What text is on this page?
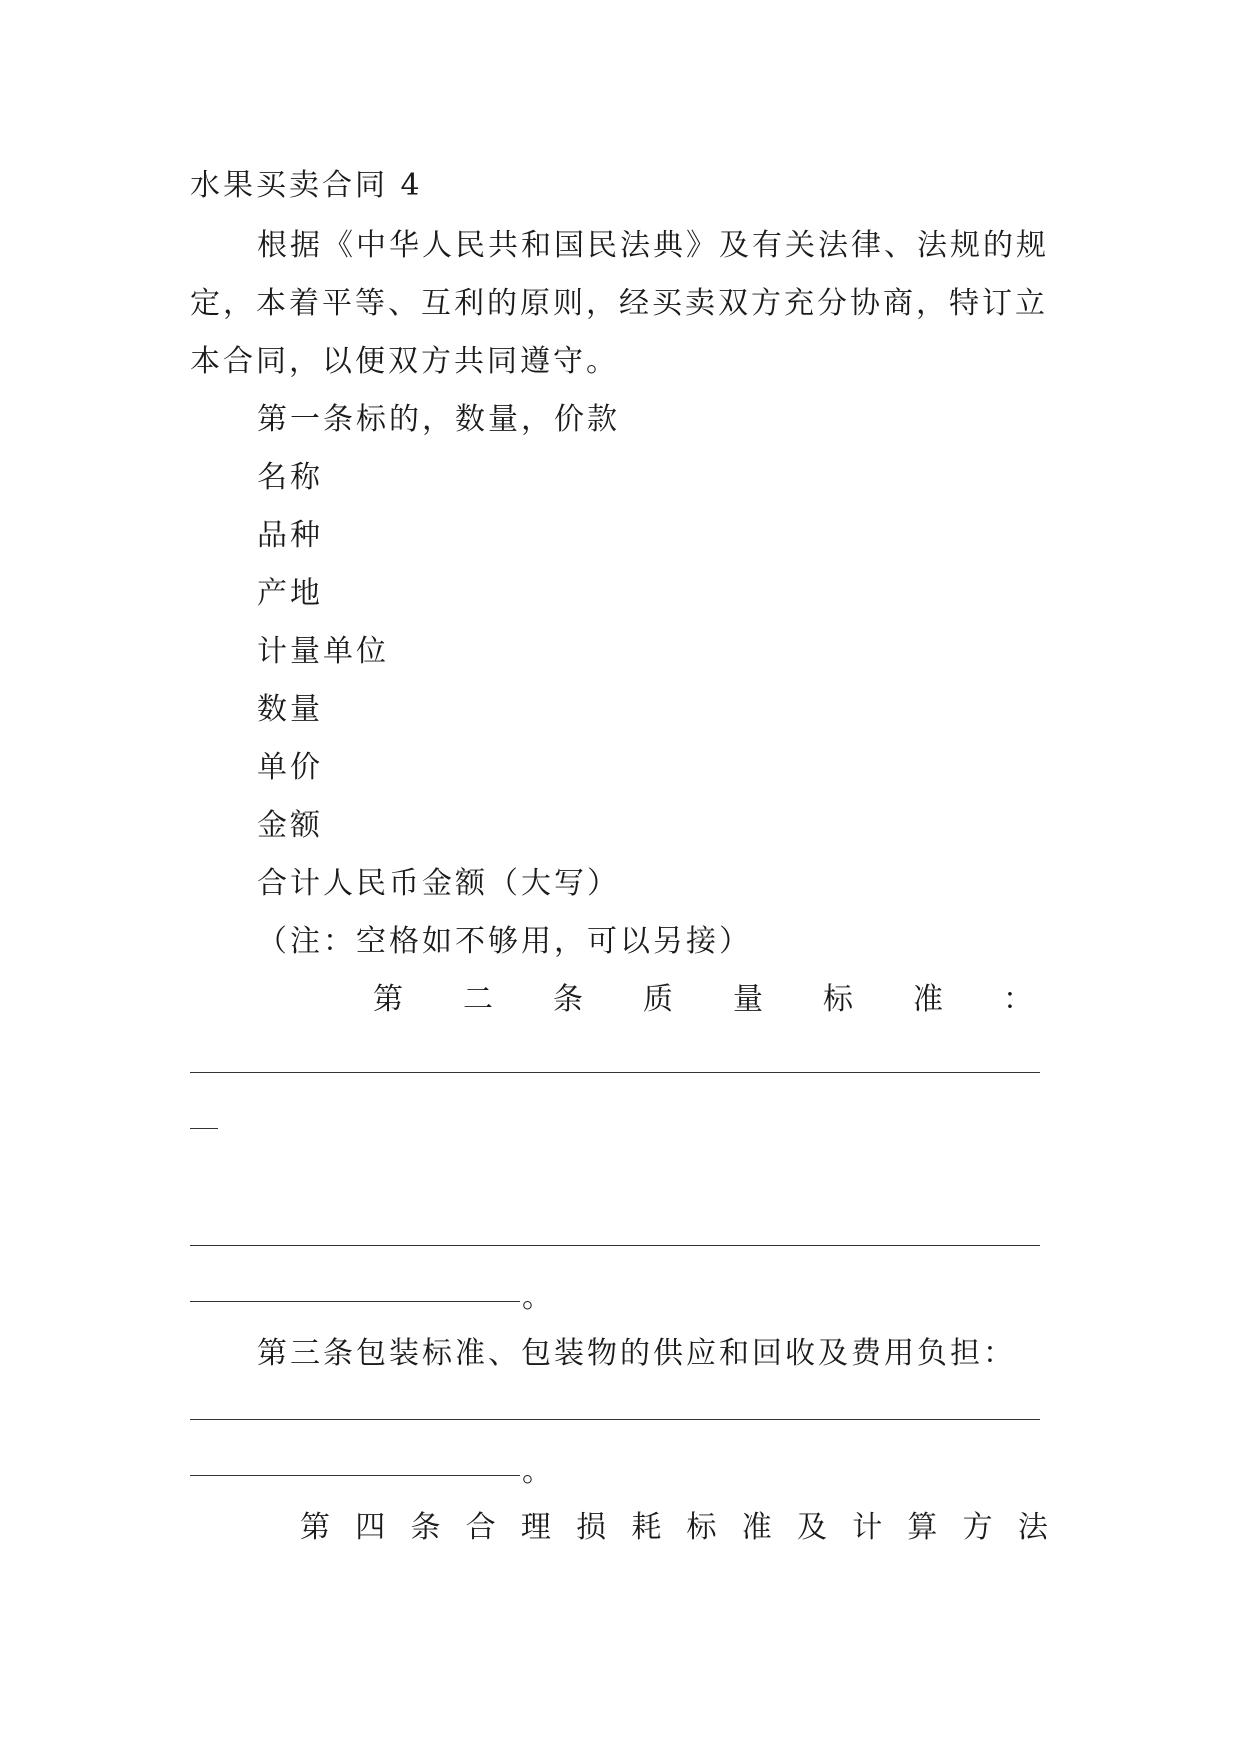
水果买卖合同 4
根据《中华人民共和国民法典》及有关法律、法规的规
定，本着平等、互利的原则，经买卖双方充分协商，特订立
本合同，以便双方共同遵守。
第一条标的，数量，价款
名称
品种
产地
计量单位
数量
单价
金额
合计人民币金额（大写）
（注：空格如不够用，可以另接）
第 二 条 质 量 标 准 ：
。
第三条包装标准、包装物的供应和回收及费用负担：
。
第 四 条 合 理 损 耗 标 准 及 计 算 方 法
